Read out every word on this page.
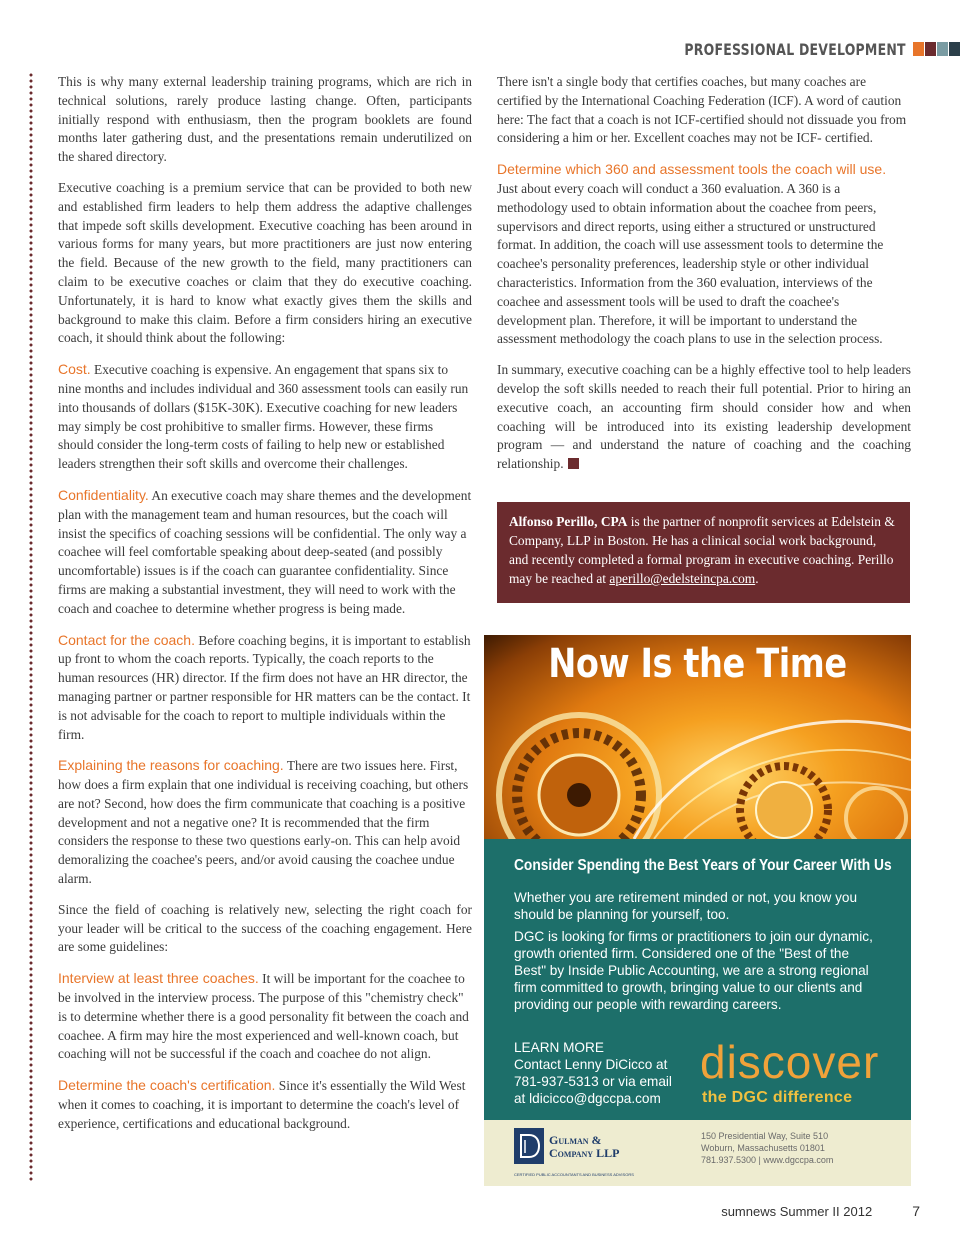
PROFESSIONAL DEVELOPMENT

This is why many external leadership training programs, which are rich in technical solutions, rarely produce lasting change. Often, participants initially respond with enthusiasm, then the program booklets are found months later gathering dust, and the presentations remain underutilized on the shared directory.

Executive coaching is a premium service that can be provided to both new and established firm leaders to help them address the adaptive challenges that impede soft skills development. Executive coaching has been around in various forms for many years, but more practitioners are just now entering the field. Because of the new growth to the field, many practitioners can claim to be executive coaches or claim that they do executive coaching. Unfortunately, it is hard to know what exactly gives them the skills and background to make this claim. Before a firm considers hiring an executive coach, it should think about the following:

Cost. Executive coaching is expensive. An engagement that spans six to nine months and includes individual and 360 assessment tools can easily run into thousands of dollars ($15K-30K). Executive coaching for new leaders may simply be cost prohibitive to smaller firms. However, these firms should consider the long-term costs of failing to help new or established leaders strengthen their soft skills and overcome their challenges.

Confidentiality. An executive coach may share themes and the development plan with the management team and human resources, but the coach will insist the specifics of coaching sessions will be confidential. The only way a coachee will feel comfortable speaking about deep-seated (and possibly uncomfortable) issues is if the coach can guarantee confidentiality. Since firms are making a substantial investment, they will need to work with the coach and coachee to determine whether progress is being made.

Contact for the coach. Before coaching begins, it is important to establish up front to whom the coach reports. Typically, the coach reports to the human resources (HR) director. If the firm does not have an HR director, the managing partner or partner responsible for HR matters can be the contact. It is not advisable for the coach to report to multiple individuals within the firm.

Explaining the reasons for coaching. There are two issues here. First, how does a firm explain that one individual is receiving coaching, but others are not? Second, how does the firm communicate that coaching is a positive development and not a negative one? It is recommended that the firm considers the response to these two questions early-on. This can help avoid demoralizing the coachee's peers, and/or avoid causing the coachee undue alarm.

Since the field of coaching is relatively new, selecting the right coach for your leader will be critical to the success of the coaching engagement. Here are some guidelines:

Interview at least three coaches. It will be important for the coachee to be involved in the interview process. The purpose of this "chemistry check" is to determine whether there is a good personality fit between the coach and coachee. A firm may hire the most experienced and well-known coach, but coaching will not be successful if the coach and coachee do not align.

Determine the coach's certification. Since it's essentially the Wild West when it comes to coaching, it is important to determine the coach's level of experience, certifications and educational background.

There isn't a single body that certifies coaches, but many coaches are certified by the International Coaching Federation (ICF). A word of caution here: The fact that a coach is not ICF-certified should not dissuade you from considering a him or her. Excellent coaches may not be ICF- certified.

Determine which 360 and assessment tools the coach will use.
Just about every coach will conduct a 360 evaluation. A 360 is a methodology used to obtain information about the coachee from peers, supervisors and direct reports, using either a structured or unstructured format. In addition, the coach will use assessment tools to determine the coachee's personality preferences, leadership style or other individual characteristics. Information from the 360 evaluation, interviews of the coachee and assessment tools will be used to draft the coachee's development plan. Therefore, it will be important to understand the assessment methodology the coach plans to use in the selection process.

In summary, executive coaching can be a highly effective tool to help leaders develop the soft skills needed to reach their full potential. Prior to hiring an executive coach, an accounting firm should consider how and when coaching will be introduced into its existing leadership development program — and understand the nature of coaching and the coaching relationship.

Alfonso Perillo, CPA is the partner of nonprofit services at Edelstein & Company, LLP in Boston. He has a clinical social work background, and recently completed a formal program in executive coaching. Perillo may be reached at aperillo@edelsteincpa.com.
Now Is the Time
Consider Spending the Best Years of Your Career With Us
Whether you are retirement minded or not, you know you should be planning for yourself, too.
DGC is looking for firms or practitioners to join our dynamic, growth oriented firm. Considered one of the "Best of the Best" by Inside Public Accounting, we are a strong regional firm committed to growth, bringing value to our clients and providing our people with rewarding careers.
LEARN MORE
Contact Lenny DiCicco at
781-937-5313 or via email
at ldicicco@dgccpa.com
discover
the DGC difference
Gulman &
Company LLP
CERTIFIED PUBLIC ACCOUNTANTS AND BUSINESS ADVISORS
150 Presidential Way, Suite 510
Woburn, Massachusetts 01801
781.937.5300 | www.dgccpa.com
sumnews Summer II 2012	7
